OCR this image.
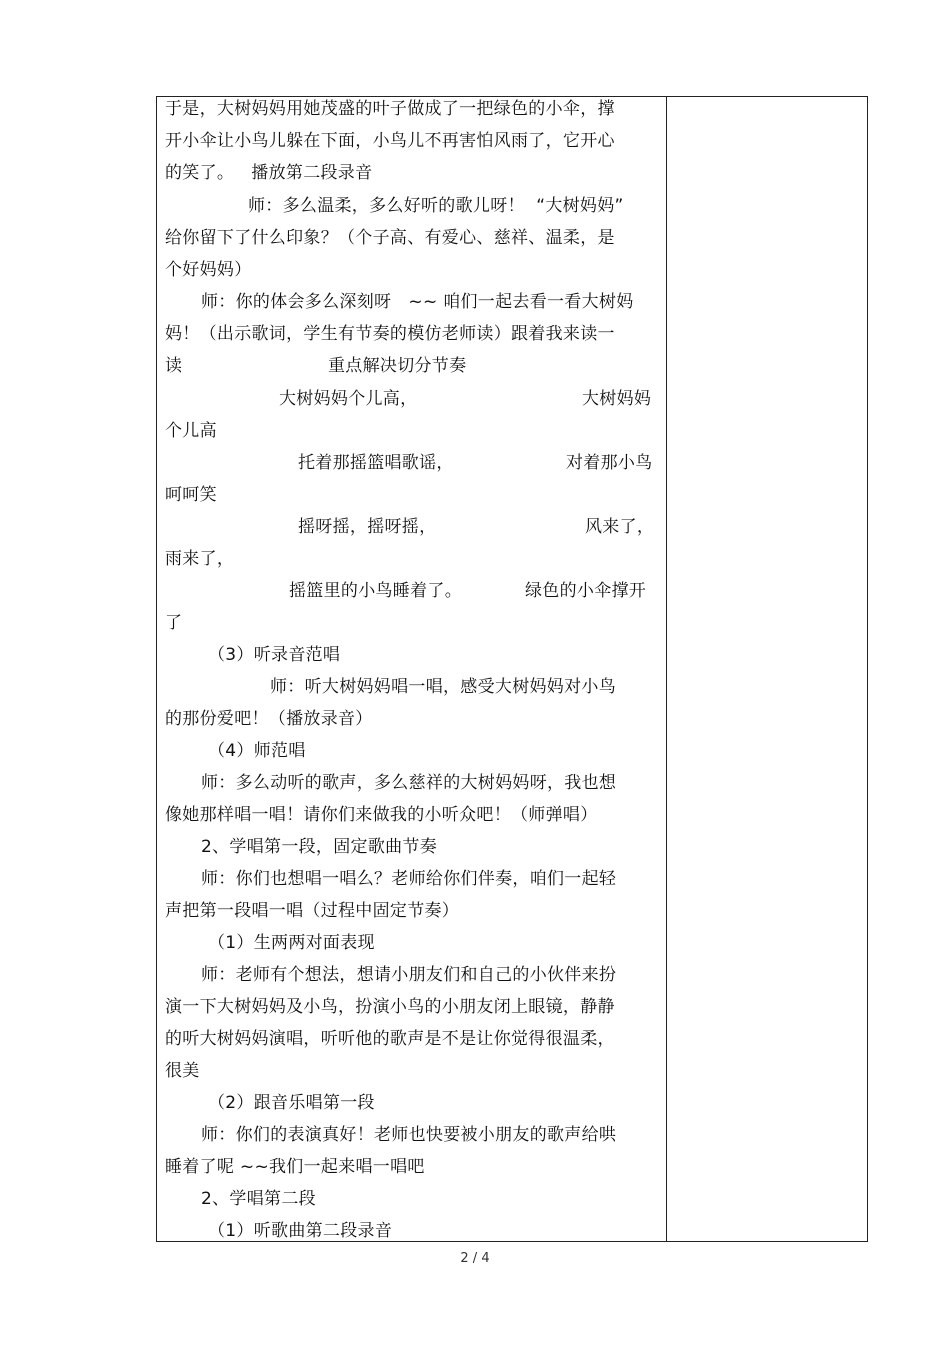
于是，大树妈妈用她茂盛的叶子做成了一把绿色的小伞，撑
开小伞让小鸟儿躲在下面，小鸟儿不再害怕风雨了，它开心
的笑了。   播放第二段录音
师：多么温柔，多么好听的歌儿呀！  “大树妈妈”
给你留下了什么印象？（个子高、有爱心、慈祥、温柔，是
个好妈妈）
师：你的体会多么深刻呀   ~~ 咱们一起去看一看大树妈
妈！（出示歌词，学生有节奏的模仿老师读）跟着我来读一
读	重点解决切分节奏
大树妈妈个儿高，	大树妈妈
个儿高
托着那摇篮唱歌谣，	对着那小鸟
呵呵笑
摇呀摇，摇呀摇，	风来了，
雨来了，
摇篮里的小鸟睡着了。	绿色的小伞撑开
了
（3）听录音范唱
师：听大树妈妈唱一唱，感受大树妈妈对小鸟
的那份爱吧！（播放录音）
（4）师范唱
师：多么动听的歌声，多么慈祥的大树妈妈呀，我也想
像她那样唱一唱！请你们来做我的小听众吧！（师弹唱）
2、学唱第一段，固定歌曲节奏
师：你们也想唱一唱么？老师给你们伴奏，咱们一起轻
声把第一段唱一唱（过程中固定节奏）
（1）生两两对面表现
师：老师有个想法，想请小朋友们和自己的小伙伴来扮
演一下大树妈妈及小鸟，扮演小鸟的小朋友闭上眼镜，静静
的听大树妈妈演唱，听听他的歌声是不是让你觉得很温柔，
很美
（2）跟音乐唱第一段
师：你们的表演真好！老师也快要被小朋友的歌声给哄
睡着了呢 ~~我们一起来唱一唱吧
2、学唱第二段
（1）听歌曲第二段录音
2 / 4
